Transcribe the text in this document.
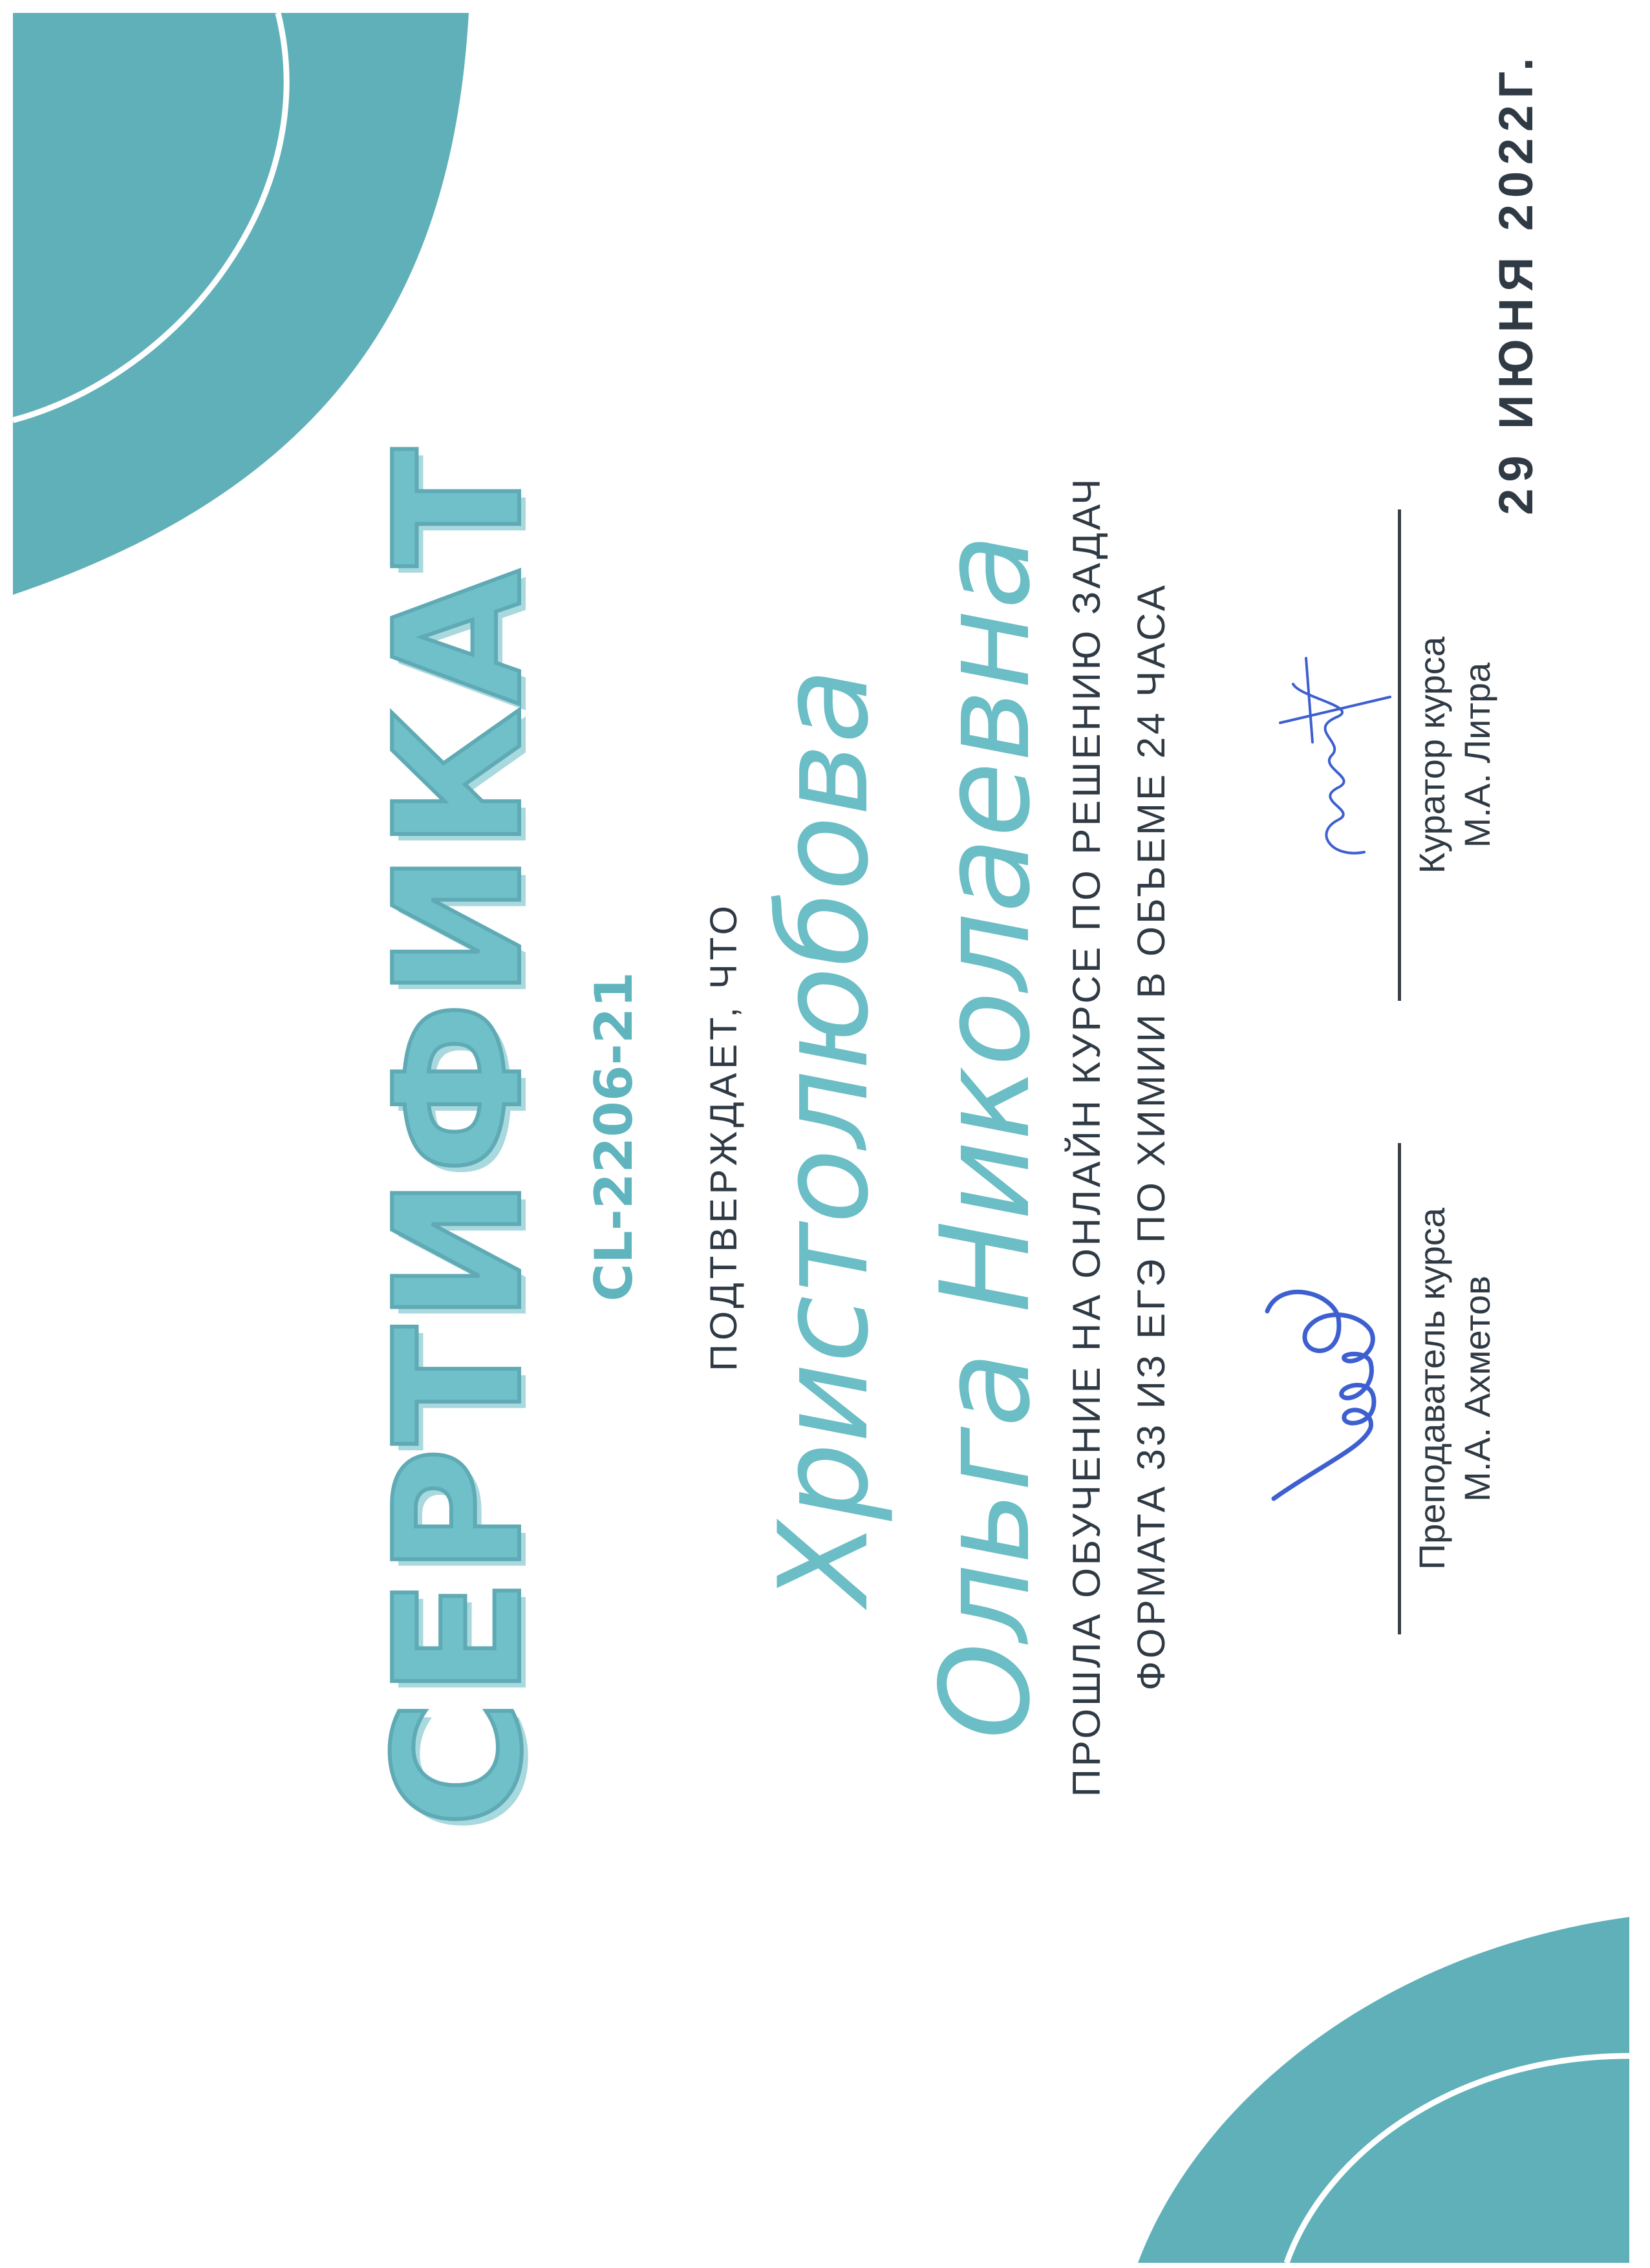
СЕРТИФИКАТ CL-2206-21 ПОДТВЕРЖДАЕТ, ЧТО Христолюбова Ольга Николаевна ПРОШЛА ОБУЧЕНИЕ НА ОНЛАЙН КУРСЕ ПО РЕШЕНИЮ ЗАДАЧ ФОРМАТА 33 ИЗ ЕГЭ ПО ХИМИИ В ОБЪЕМЕ 24 ЧАСА	Преподаватель курса М.А. Ахметов
Куратор курса М.А. Литра
29 ИЮНЯ 2022Г.
